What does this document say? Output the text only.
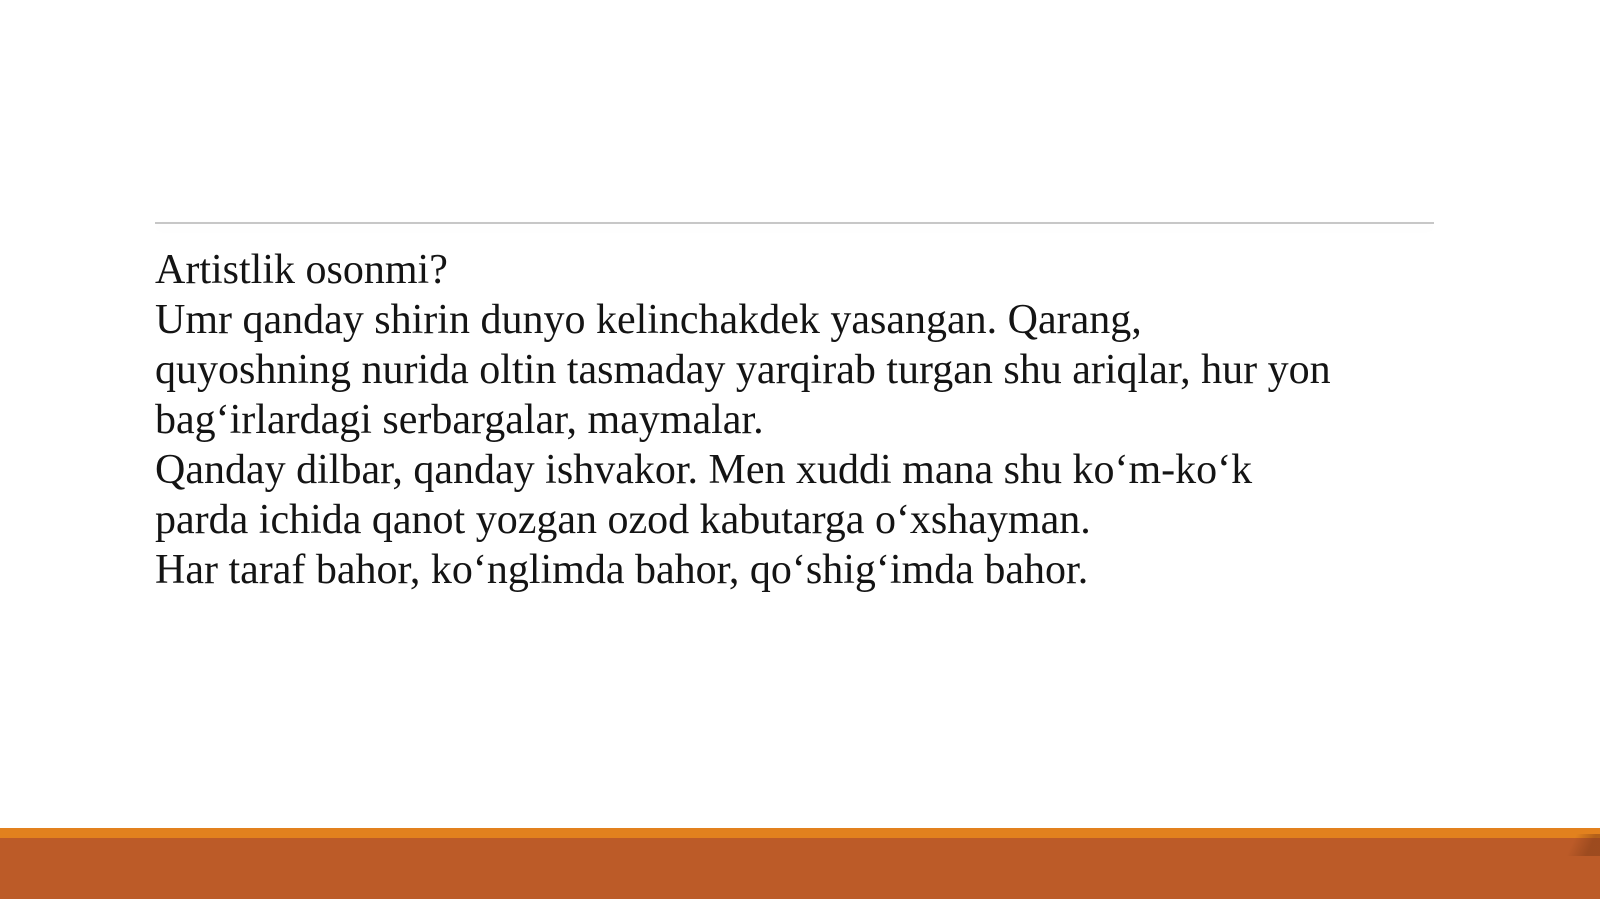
Artistlik osonmi?
Umr qanday shirin dunyo kelinchakdek yasangan. Qarang,
quyoshning nurida oltin tasmaday yarqirab turgan shu ariqlar, hur yon
bag‘irlardagi serbargalar, maymalar.
Qanday dilbar, qanday ishvakor. Men xuddi mana shu ko‘m-ko‘k
parda ichida qanot yozgan ozod kabutarga o‘xshayman.
Har taraf bahor, ko‘nglimda bahor, qo‘shig‘imda bahor.
